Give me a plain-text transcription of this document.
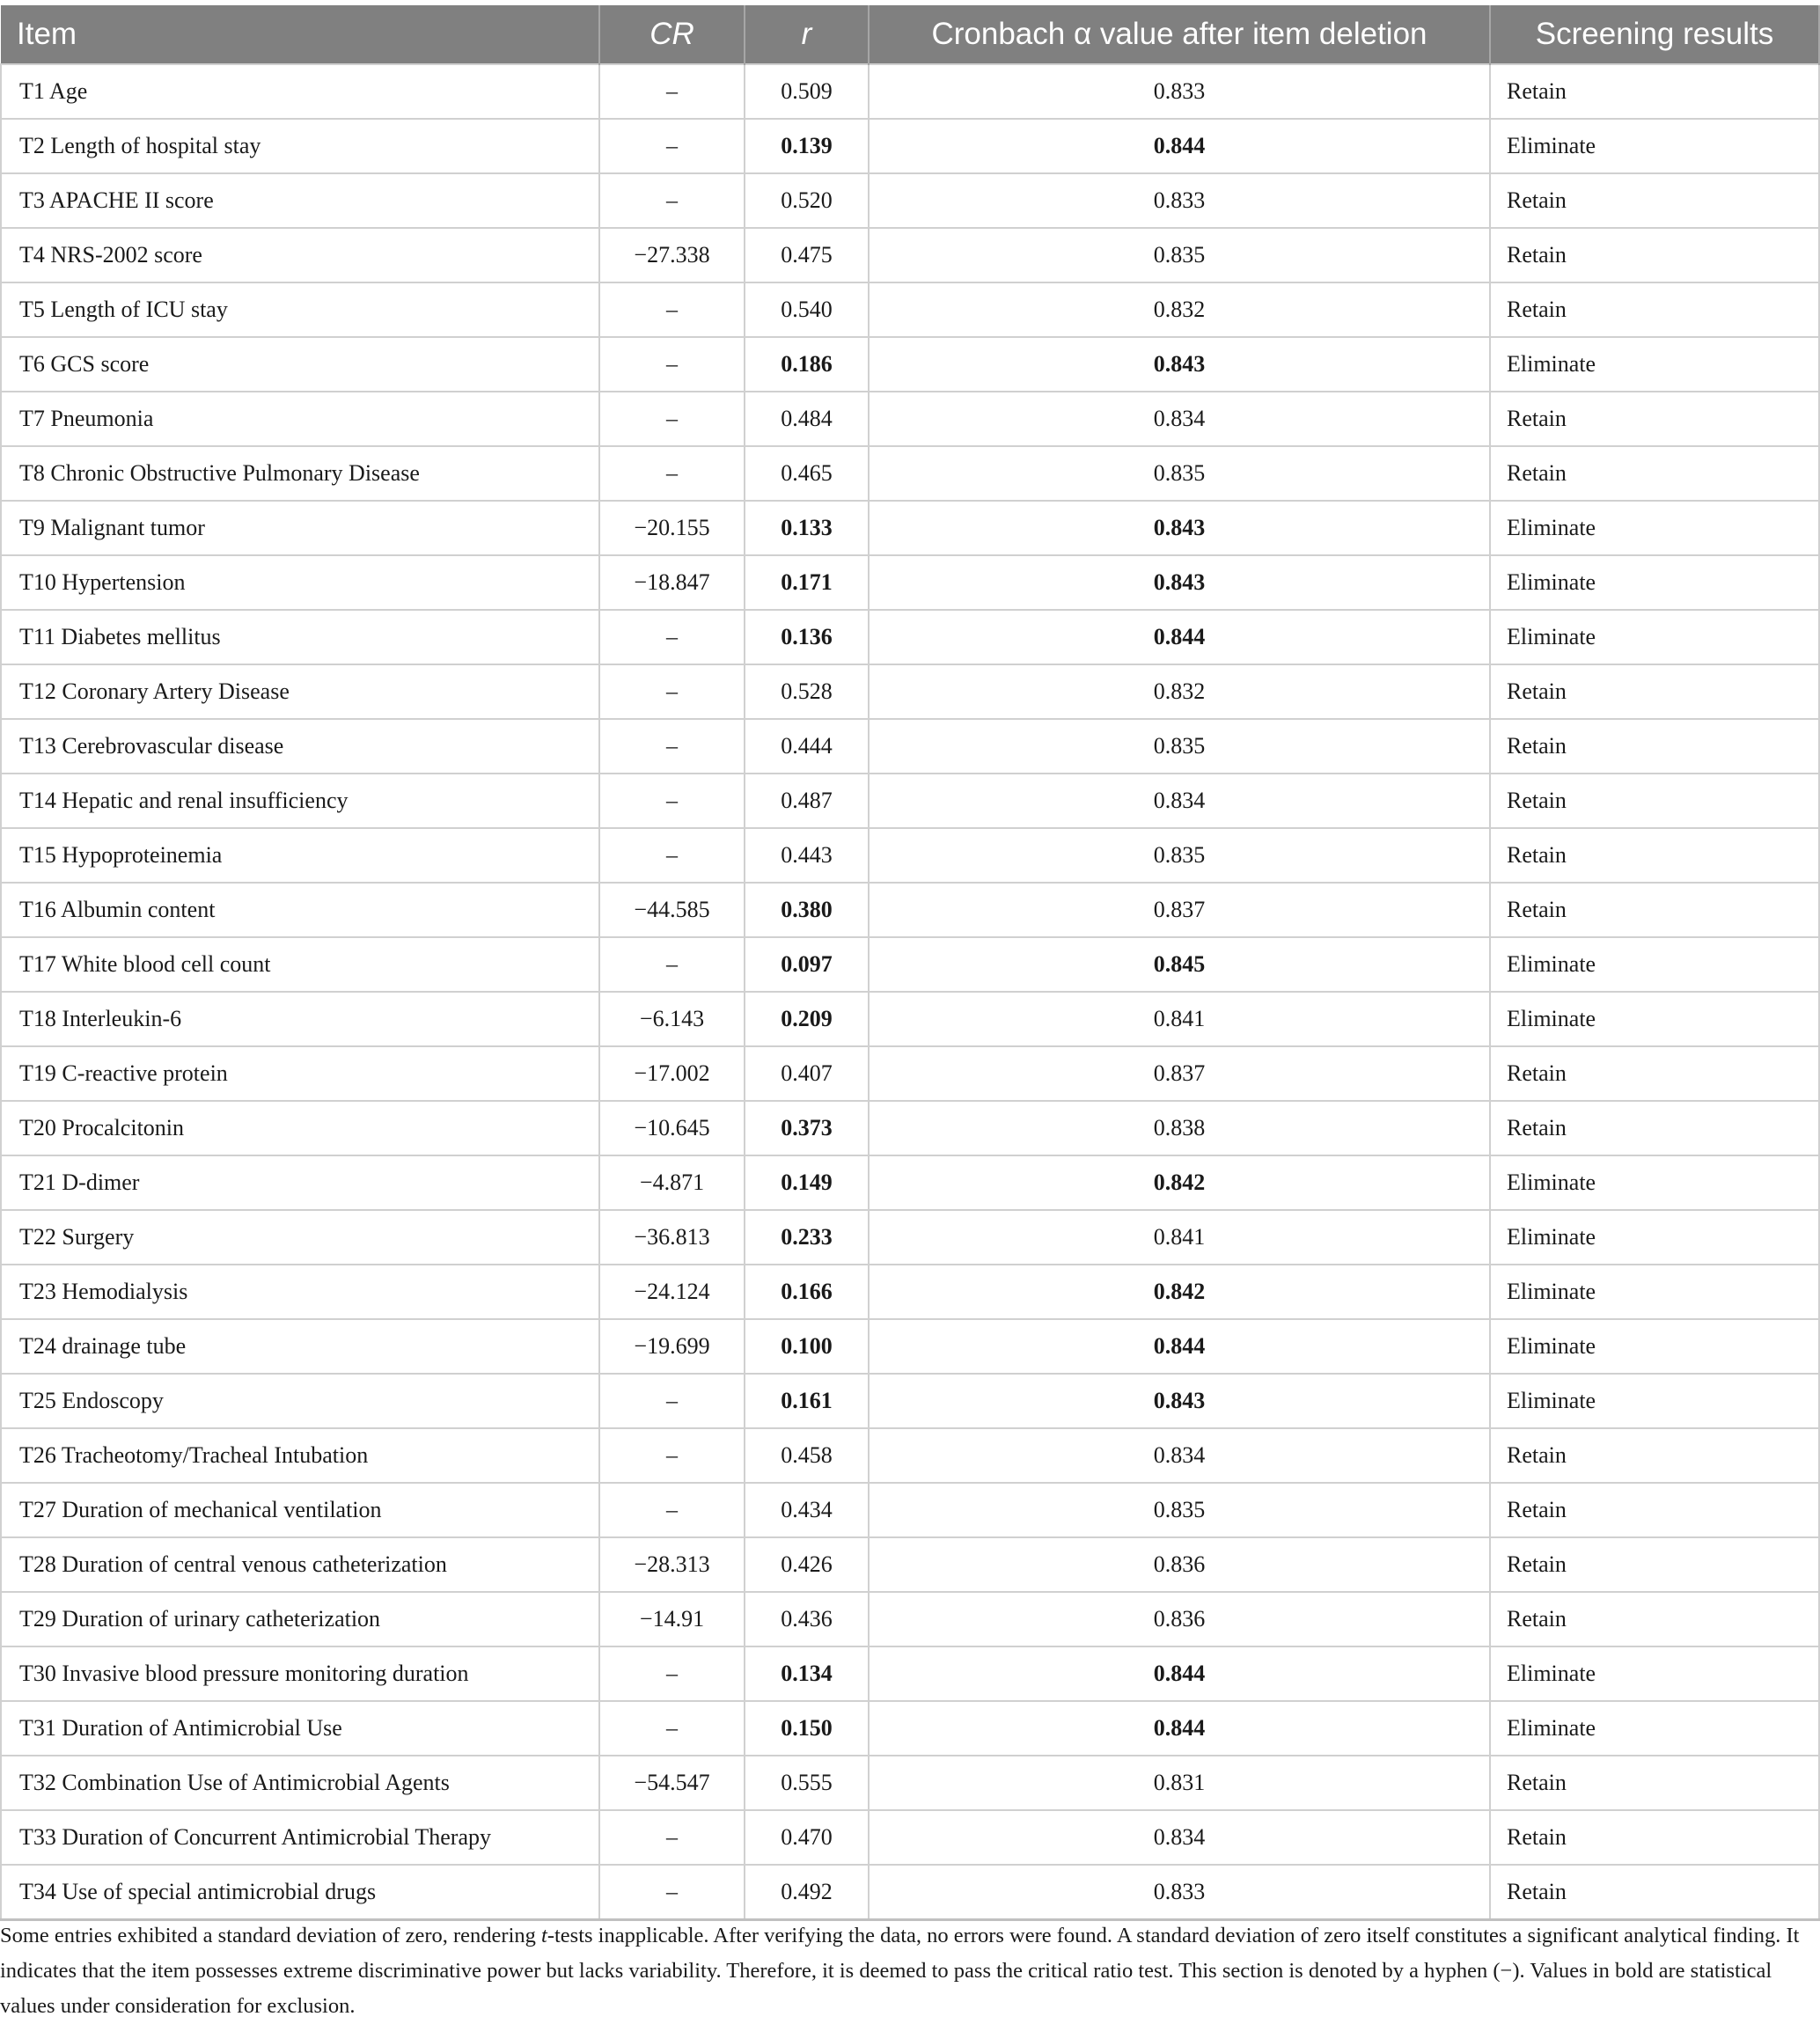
Item	CR	r	Cronbach α value after item deletion	Screening results
T1 Age	–	0.509	0.833	Retain
T2 Length of hospital stay	–	0.139	0.844	Eliminate
T3 APACHE II score	–	0.520	0.833	Retain
T4 NRS-2002 score	−27.338	0.475	0.835	Retain
T5 Length of ICU stay	–	0.540	0.832	Retain
T6 GCS score	–	0.186	0.843	Eliminate
T7 Pneumonia	–	0.484	0.834	Retain
T8 Chronic Obstructive Pulmonary Disease	–	0.465	0.835	Retain
T9 Malignant tumor	−20.155	0.133	0.843	Eliminate
T10 Hypertension	−18.847	0.171	0.843	Eliminate
T11 Diabetes mellitus	–	0.136	0.844	Eliminate
T12 Coronary Artery Disease	–	0.528	0.832	Retain
T13 Cerebrovascular disease	–	0.444	0.835	Retain
T14 Hepatic and renal insufficiency	–	0.487	0.834	Retain
T15 Hypoproteinemia	–	0.443	0.835	Retain
T16 Albumin content	−44.585	0.380	0.837	Retain
T17 White blood cell count	–	0.097	0.845	Eliminate
T18 Interleukin-6	−6.143	0.209	0.841	Eliminate
T19 C-reactive protein	−17.002	0.407	0.837	Retain
T20 Procalcitonin	−10.645	0.373	0.838	Retain
T21 D-dimer	−4.871	0.149	0.842	Eliminate
T22 Surgery	−36.813	0.233	0.841	Eliminate
T23 Hemodialysis	−24.124	0.166	0.842	Eliminate
T24 drainage tube	−19.699	0.100	0.844	Eliminate
T25 Endoscopy	–	0.161	0.843	Eliminate
T26 Tracheotomy/Tracheal Intubation	–	0.458	0.834	Retain
T27 Duration of mechanical ventilation	–	0.434	0.835	Retain
T28 Duration of central venous catheterization	−28.313	0.426	0.836	Retain
T29 Duration of urinary catheterization	−14.91	0.436	0.836	Retain
T30 Invasive blood pressure monitoring duration	–	0.134	0.844	Eliminate
T31 Duration of Antimicrobial Use	–	0.150	0.844	Eliminate
T32 Combination Use of Antimicrobial Agents	−54.547	0.555	0.831	Retain
T33 Duration of Concurrent Antimicrobial Therapy	–	0.470	0.834	Retain
T34 Use of special antimicrobial drugs	–	0.492	0.833	Retain
Some entries exhibited a standard deviation of zero, rendering t-tests inapplicable. After verifying the data, no errors were found. A standard deviation of zero itself constitutes a significant analytical finding. It indicates that the item possesses extreme discriminative power but lacks variability. Therefore, it is deemed to pass the critical ratio test. This section is denoted by a hyphen (−). Values in bold are statistical values under consideration for exclusion.
